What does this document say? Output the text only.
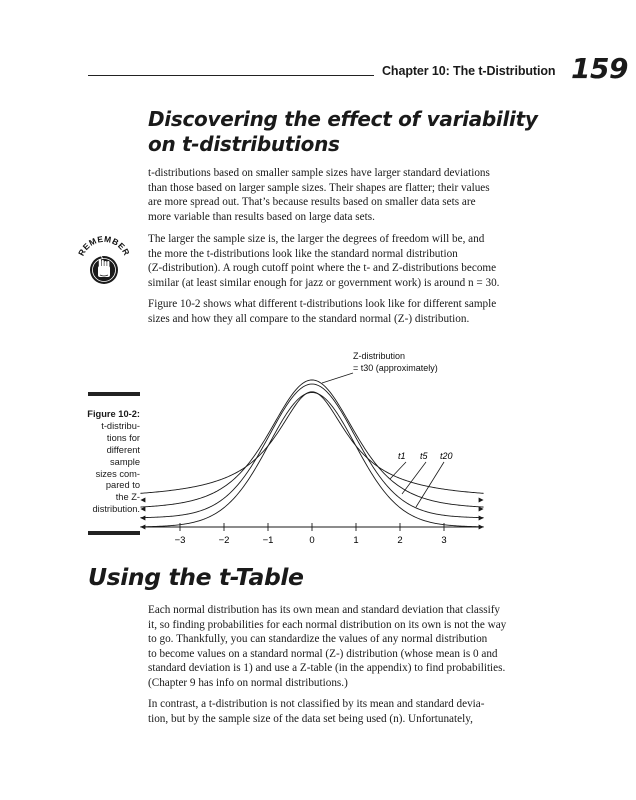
Chapter 10: The t-Distribution 159
Discovering the effect of variability
on t-distributions

t-distributions based on smaller sample sizes have larger standard deviations

than those based on larger sample sizes. Their shapes are flatter; their values

are more spread out. That’s because results based on smaller data sets are

more variable than results based on large data sets.

The larger the sample size is, the larger the degrees of freedom will be, and

the more the t-distributions look like the standard normal distribution

(Z-distribution). A rough cutoff point where the t- and Z-distributions become

similar (at least similar enough for jazz or government work) is around n = 30.

Figure 10-2 shows what different t-distributions look like for different sample

sizes and how they all compare to the standard normal (Z-) distribution.

REMEMBER
Figure 10-2:
t-distribu-
tions for
different
sample
sizes com-
pared to
the Z-
distribution.
−3	−2	−1	0	1	2	3
t1 t5 t20
Z-distribution
= t30 (approximately)
Using the t-Table

Each normal distribution has its own mean and standard deviation that classify

it, so finding probabilities for each normal distribution on its own is not the way

to go. Thankfully, you can standardize the values of any normal distribution

to become values on a standard normal (Z-) distribution (whose mean is 0 and

standard deviation is 1) and use a Z-table (in the appendix) to find probabilities.

(Chapter 9 has info on normal distributions.)

In contrast, a t-distribution is not classified by its mean and standard devia-

tion, but by the sample size of the data set being used (n). Unfortunately,
